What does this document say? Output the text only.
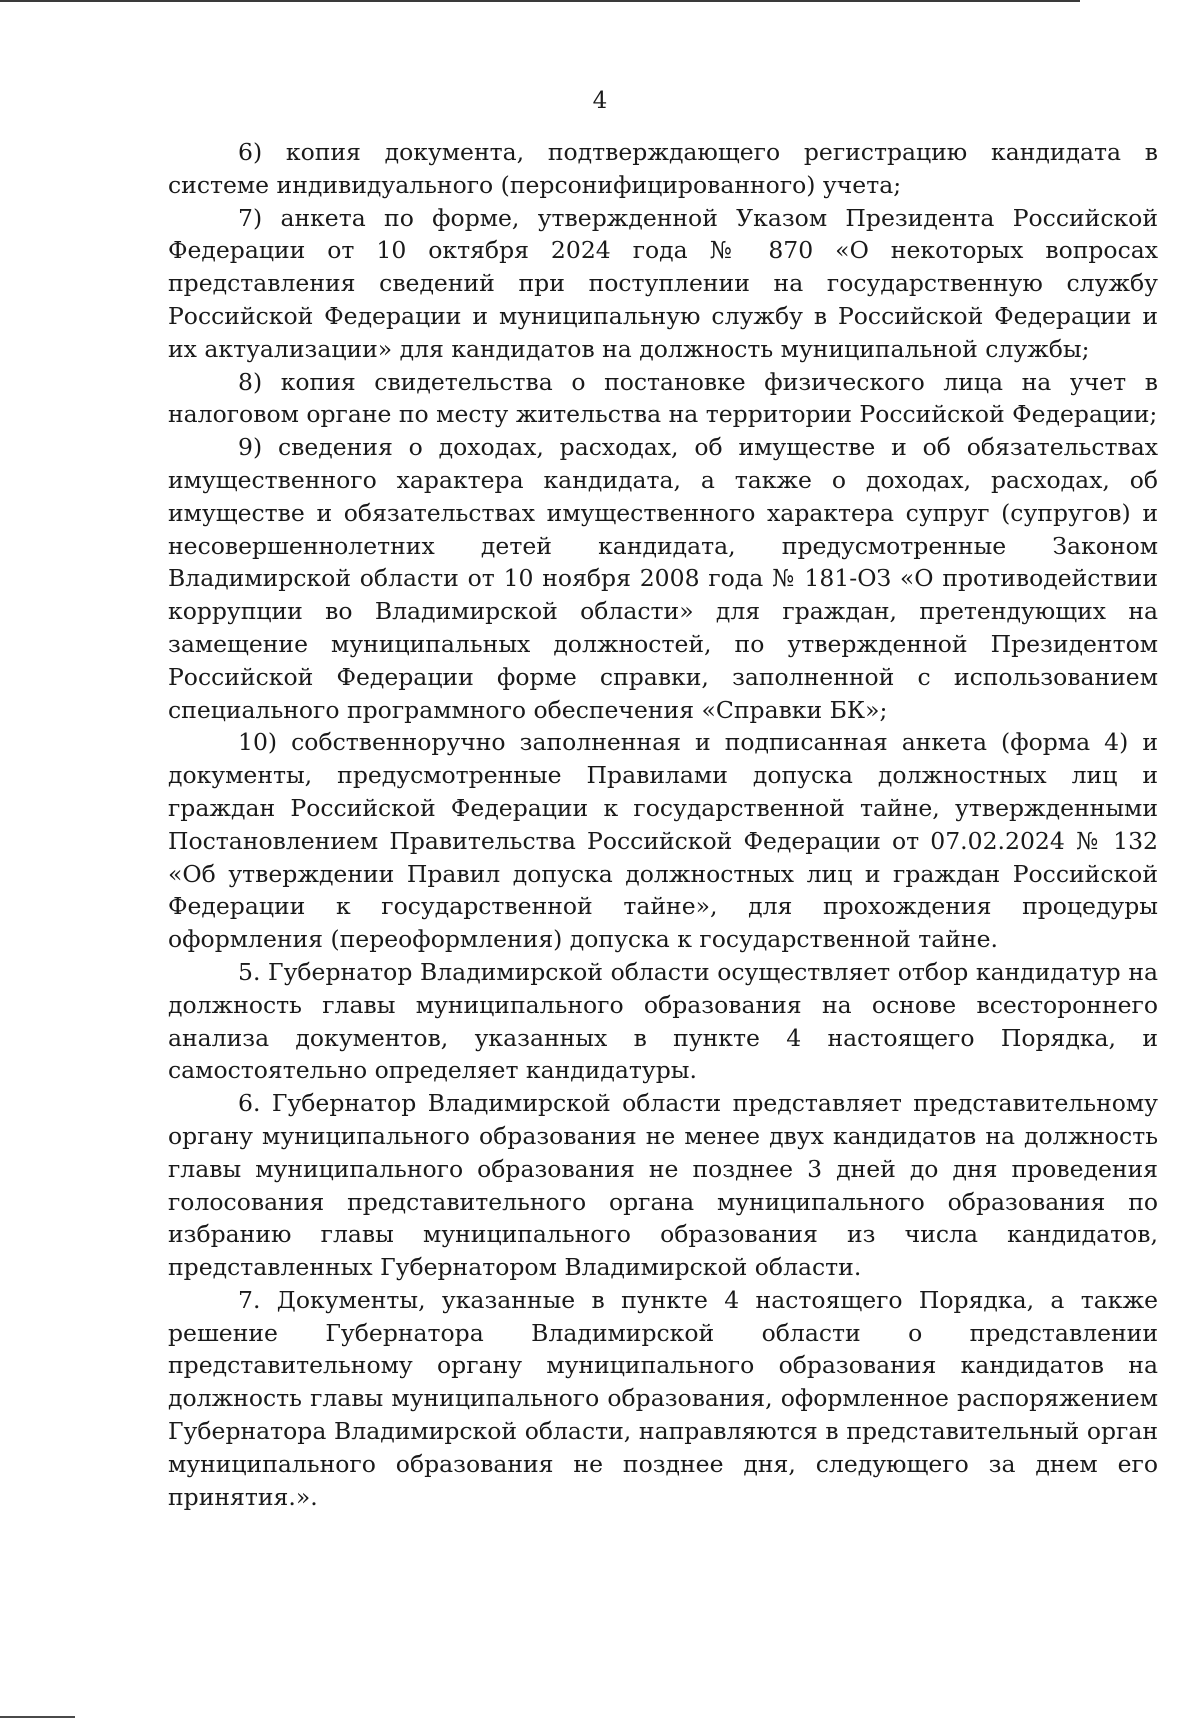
4

6) копия документа, подтверждающего регистрацию кандидата в системе индивидуального (персонифицированного) учета;

7) анкета по форме, утвержденной Указом Президента Российской Федерации от 10 октября 2024 года № 870 «О некоторых вопросах представления сведений при поступлении на государственную службу Российской Федерации и муниципальную службу в Российской Федерации и их актуализации» для кандидатов на должность муниципальной службы;

8) копия свидетельства о постановке физического лица на учет в налоговом органе по месту жительства на территории Российской Федерации;

9) сведения о доходах, расходах, об имуществе и об обязательствах имущественного характера кандидата, а также о доходах, расходах, об имуществе и обязательствах имущественного характера супруг (супругов) и несовершеннолетних детей кандидата, предусмотренные Законом Владимирской области от 10 ноября 2008 года № 181-ОЗ «О противодействии коррупции во Владимирской области» для граждан, претендующих на замещение муниципальных должностей, по утвержденной Президентом Российской Федерации форме справки, заполненной с использованием специального программного обеспечения «Справки БК»;

10) собственноручно заполненная и подписанная анкета (форма 4) и документы, предусмотренные Правилами допуска должностных лиц и граждан Российской Федерации к государственной тайне, утвержденными Постановлением Правительства Российской Федерации от 07.02.2024 № 132 «Об утверждении Правил допуска должностных лиц и граждан Российской Федерации к государственной тайне», для прохождения процедуры оформления (переоформления) допуска к государственной тайне.

5. Губернатор Владимирской области осуществляет отбор кандидатур на должность главы муниципального образования на основе всестороннего анализа документов, указанных в пункте 4 настоящего Порядка, и самостоятельно определяет кандидатуры.

6. Губернатор Владимирской области представляет представительному органу муниципального образования не менее двух кандидатов на должность главы муниципального образования не позднее 3 дней до дня проведения голосования представительного органа муниципального образования по избранию главы муниципального образования из числа кандидатов, представленных Губернатором Владимирской области.

7. Документы, указанные в пункте 4 настоящего Порядка, а также решение Губернатора Владимирской области о представлении представительному органу муниципального образования кандидатов на должность главы муниципального образования, оформленное распоряжением Губернатора Владимирской области, направляются в представительный орган муниципального образования не позднее дня, следующего за днем его принятия.».
